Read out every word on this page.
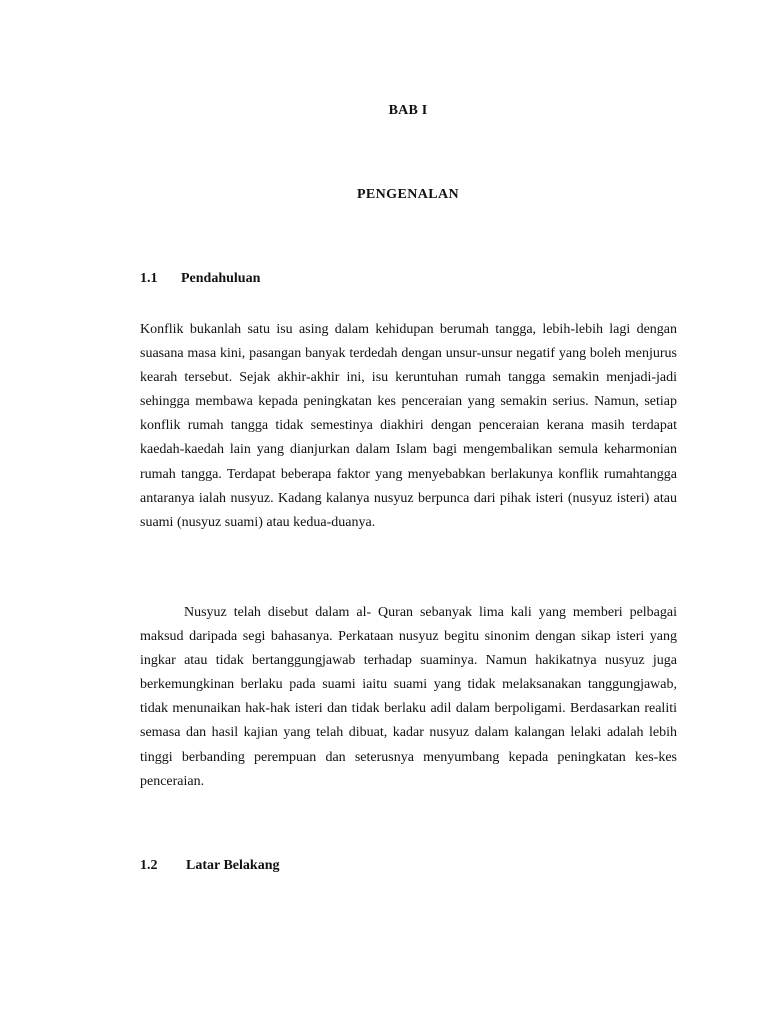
BAB I
PENGENALAN
1.1 Pendahuluan

Konflik bukanlah satu isu asing dalam kehidupan berumah tangga, lebih-lebih lagi dengan suasana masa kini, pasangan banyak terdedah dengan unsur-unsur negatif yang boleh menjurus kearah tersebut. Sejak akhir-akhir ini, isu keruntuhan rumah tangga semakin menjadi-jadi sehingga membawa kepada peningkatan kes penceraian yang semakin serius. Namun, setiap konflik rumah tangga tidak semestinya diakhiri dengan penceraian kerana masih terdapat kaedah-kaedah lain yang dianjurkan dalam Islam bagi mengembalikan semula keharmonian rumah tangga. Terdapat beberapa faktor yang menyebabkan berlakunya konflik rumahtangga antaranya ialah nusyuz. Kadang kalanya nusyuz berpunca dari pihak isteri (nusyuz isteri) atau suami (nusyuz suami) atau kedua-duanya.

Nusyuz telah disebut dalam al- Quran sebanyak lima kali yang memberi pelbagai maksud daripada segi bahasanya. Perkataan nusyuz begitu sinonim dengan sikap isteri yang ingkar atau tidak bertanggungjawab terhadap suaminya. Namun hakikatnya nusyuz juga berkemungkinan berlaku pada suami iaitu suami yang tidak melaksanakan tanggungjawab, tidak menunaikan hak-hak isteri dan tidak berlaku adil dalam berpoligami. Berdasarkan realiti semasa dan hasil kajian yang telah dibuat, kadar nusyuz dalam kalangan lelaki adalah lebih tinggi berbanding perempuan dan seterusnya menyumbang kepada peningkatan kes-kes penceraian.

1.2 Latar Belakang
